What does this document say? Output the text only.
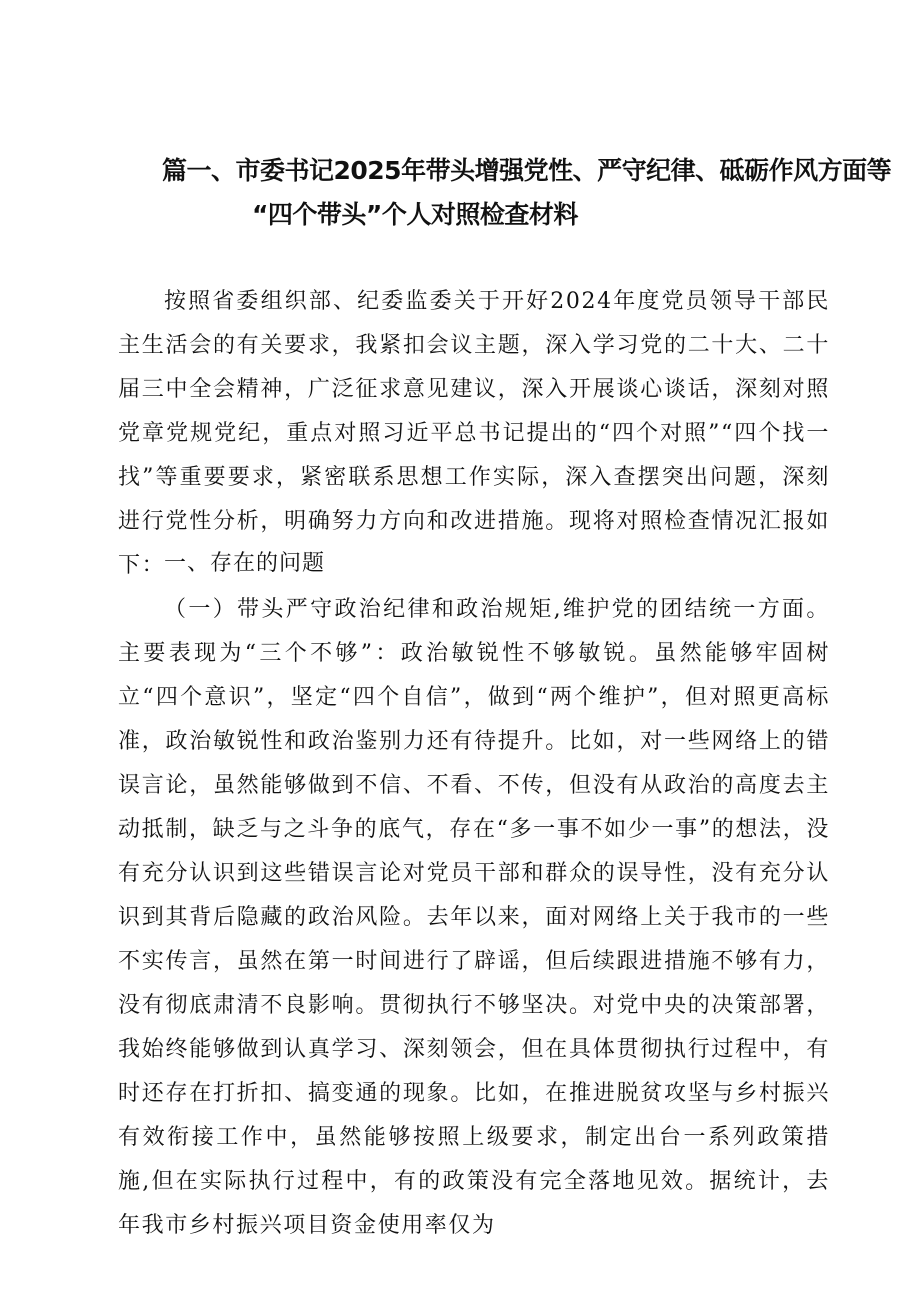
篇一、市委书记2025年带头增强党性、严守纪律、砥砺作风方面等
“四个带头”个人对照检查材料

按照省委组织部、纪委监委关于开好2024年度党员领导干部民主生活会的有关要求，我紧扣会议主题，深入学习党的二十大、二十届三中全会精神，广泛征求意见建议，深入开展谈心谈话，深刻对照党章党规党纪，重点对照习近平总书记提出的“四个对照”“四个找一找”等重要要求，紧密联系思想工作实际，深入查摆突出问题，深刻进行党性分析，明确努力方向和改进措施。现将对照检查情况汇报如下：

一、存在的问题

（一）带头严守政治纪律和政治规矩,维护党的团结统一方面。主要表现为“三个不够”：政治敏锐性不够敏锐。虽然能够牢固树立“四个意识”，坚定“四个自信”，做到“两个维护”，但对照更高标准，政治敏锐性和政治鉴别力还有待提升。比如，对一些网络上的错误言论，虽然能够做到不信、不看、不传，但没有从政治的高度去主动抵制，缺乏与之斗争的底气，存在“多一事不如少一事”的想法，没有充分认识到这些错误言论对党员干部和群众的误导性，没有充分认识到其背后隐藏的政治风险。去年以来，面对网络上关于我市的一些不实传言，虽然在第一时间进行了辟谣，但后续跟进措施不够有力，没有彻底肃清不良影响。贯彻执行不够坚决。对党中央的决策部署，我始终能够做到认真学习、深刻领会，但在具体贯彻执行过程中，有时还存在打折扣、搞变通的现象。比如，在推进脱贫攻坚与乡村振兴有效衔接工作中，虽然能够按照上级要求，制定出台一系列政策措施,但在实际执行过程中，有的政策没有完全落地见效。据统计，去年我市乡村振兴项目资金使用率仅为
